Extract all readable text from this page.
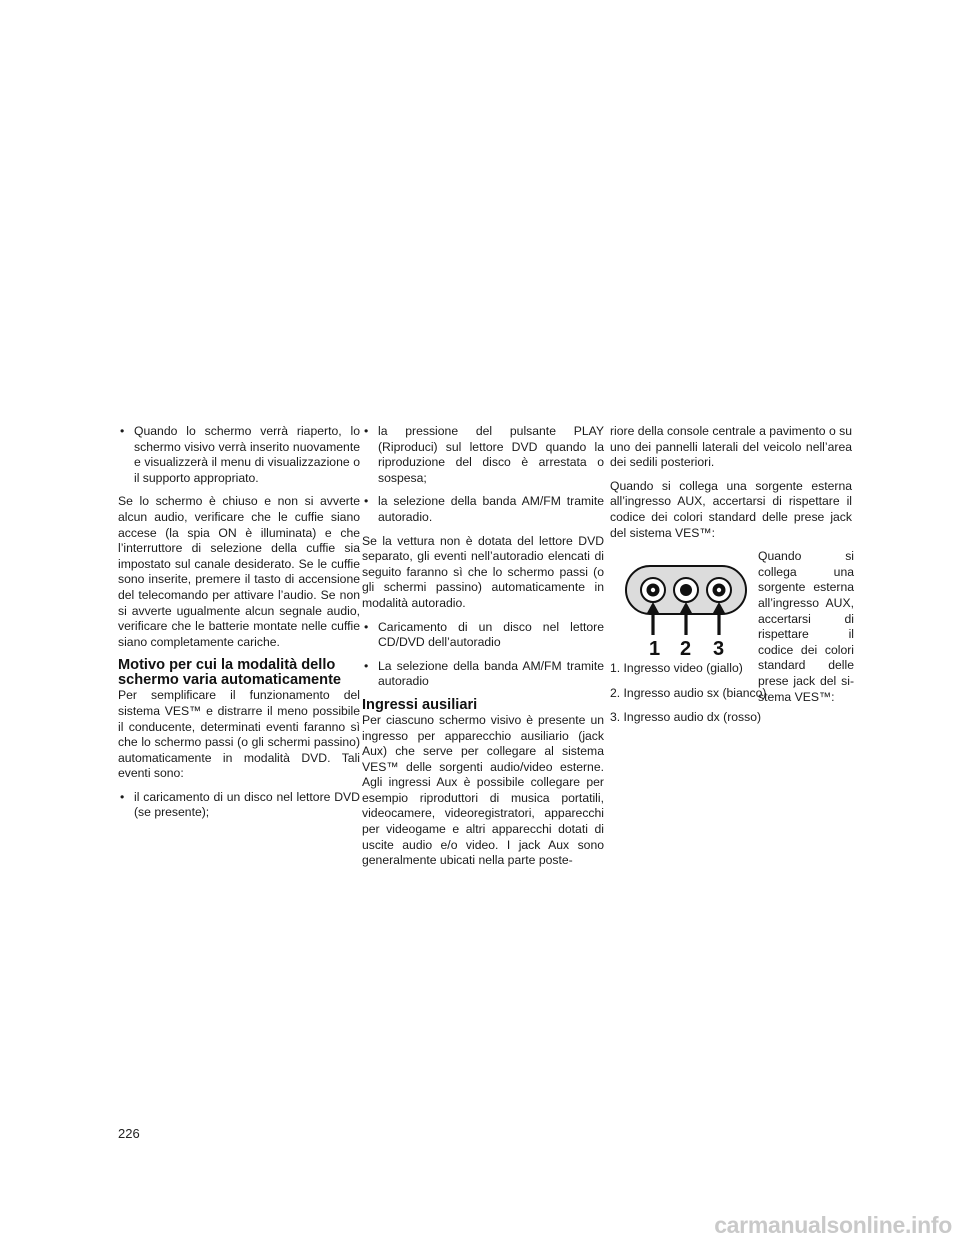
• Quando lo schermo verrà riaperto, lo schermo visivo verrà inserito nuovamente e visualizzerà il menu di visualizzazione o il supporto appropriato.

Se lo schermo è chiuso e non si avverte alcun audio, verificare che le cuffie siano accese (la spia ON è illuminata) e che l’interruttore di selezione della cuffie sia impostato sul canale desiderato. Se le cuffie sono inserite, premere il tasto di accensione del telecomando per attivare l’audio. Se non si avverte ugualmente alcun segnale audio, verificare che le batterie montate nelle cuffie siano completamente cariche.

Motivo per cui la modalità dello
schermo varia automaticamente

Per semplificare il funzionamento del sistema VES™ e distrarre il meno possibile il conducente, determinati eventi faranno sì che lo schermo passi (o gli schermi passino) automaticamente in modalità DVD. Tali eventi sono:

• il caricamento di un disco nel lettore DVD (se presente);
• la pressione del pulsante PLAY (Riproduci) sul lettore DVD quando la riproduzione del disco è arrestata o sospesa;
• la selezione della banda AM/FM tramite autoradio.

Se la vettura non è dotata del lettore DVD separato, gli eventi nell’autoradio elencati di seguito faranno sì che lo schermo passi (o gli schermi passino) automaticamente in modalità autoradio.

• Caricamento di un disco nel lettore CD/DVD dell’autoradio
• La selezione della banda AM/FM tramite autoradio
Ingressi ausiliari

Per ciascuno schermo visivo è presente un ingresso per apparecchio ausiliario (jack Aux) che serve per collegare al sistema VES™ delle sorgenti audio/video esterne. Agli ingressi Aux è possibile collegare per esempio riproduttori di musica portatili, videocamere, videoregistratori, apparecchi per videogame e altri apparecchi dotati di uscite audio e/o video. I jack Aux sono generalmente ubicati nella parte poste-

riore della console centrale a pavimento o su uno dei pannelli laterali del veicolo nell’area dei sedili posteriori.

Quando si collega una sorgente esterna all’ingresso AUX, accertarsi di rispettare il codice dei colori standard delle prese jack del sistema VES™:

1 2 3
Quando si collega una sorgente esterna all’ingresso AUX, accertarsi di rispettare il codice dei colori standard delle prese jack del sistema VES™:
1. Ingresso video (giallo)
2. Ingresso audio sx (bianco)
3. Ingresso audio dx (rosso)
226
carmanualsonline.info
